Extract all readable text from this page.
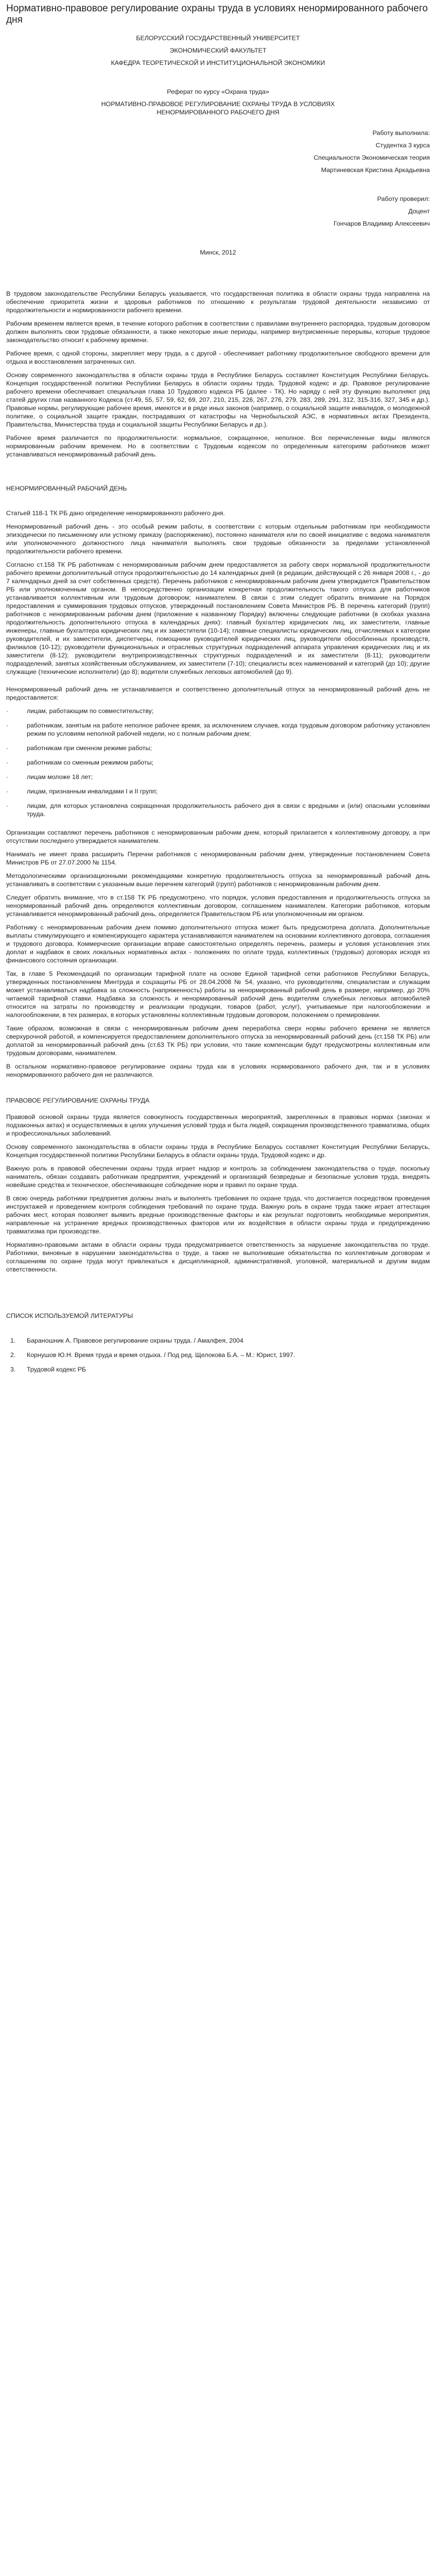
Нормативно-правовое регулирование охраны труда в условиях ненормированного рабочего дня

БЕЛОРУССКИЙ ГОСУДАРСТВЕННЫЙ УНИВЕРСИТЕТ

ЭКОНОМИЧЕСКИЙ ФАКУЛЬТЕТ

КАФЕДРА ТЕОРЕТИЧЕСКОЙ И ИНСТИТУЦИОНАЛЬНОЙ ЭКОНОМИКИ

Реферат по курсу «Охрана труда»

НОРМАТИВНО-ПРАВОВОЕ РЕГУЛИРОВАНИЕ ОХРАНЫ ТРУДА В УСЛОВИЯХ

НЕНОРМИРОВАННОГО РАБОЧЕГО ДНЯ

Работу выполнила:

Студентка 3 курса

Специальности Экономическая теория

Мартиневская Кристина Аркадьевна

Работу проверил:

Доцент

Гончаров Владимир Алексеевич

Минск, 2012

В трудовом законодательстве Республики Беларусь указывается, что государственная политика в области охраны труда направлена на обеспечение приоритета жизни и здоровья работников по отношению к результатам трудовой деятельности независимо от продолжительности и нормированности рабочего времени.

Рабочим временем является время, в течение которого работник в соответствии с правилами внутреннего распорядка, трудовым договором должен выполнять свои трудовые обязанности, а также некоторые иные периоды, например внутрисменные перерывы, которые трудовое законодательство относит к рабочему времени.

Рабочее время, с одной стороны, закрепляет меру труда, а с другой - обеспечивает работнику продолжительное свободного времени для отдыха и восстановления затраченных сил.

Основу современного законодательства в области охраны труда в Республике Беларусь составляет Конституция Республики Беларусь. Концепция государственной политики Республики Беларусь в области охраны труда, Трудовой кодекс и др. Правовое регулирование рабочего времени обеспечивает специальная глава 10 Трудового кодекса РБ (далее - ТК). Но наряду с ней эту функцию выполняют ряд статей других глав названного Кодекса (ст.49, 55, 57, 59, 62, 69, 207, 210, 215, 226, 267, 276, 279, 283, 289, 291, 312, 315-316, 327, 345 и др.). Правовые нормы, регулирующие рабочее время, имеются и в ряде иных законов (например, о социальной защите инвалидов, о молодежной политике, о социальной защите граждан, пострадавших от катастрофы на Чернобыльской АЭС, в нормативных актах Президента, Правительства, Министерства труда и социальной защиты Республики Беларусь и др.).

Рабочее время различается по продолжительности: нормальное, сокращенное, неполное. Все перечисленные виды являются нормированным рабочим временем. Но в соответствии с Трудовым кодексом по определенным категориям работников может устанавливаться ненормированный рабочий день.

НЕНОРМИРОВАННЫЙ РАБОЧИЙ ДЕНЬ

Статьей 118-1 ТК РБ дано определение ненормированного рабочего дня.

Ненормированный рабочий день - это особый режим работы, в соответствии с которым отдельным работникам при необходимости эпизодически по письменному или устному приказу (распоряжению), постоянно нанимателя или по своей инициативе с ведома нанимателя или уполномоченного должностного лица нанимателя выполнять свои трудовые обязанности за пределами установленной продолжительности рабочего времени.

Согласно ст.158 ТК РБ работникам с ненормированным рабочим днем предоставляется за работу сверх нормальной продолжительности рабочего времени дополнительный отпуск продолжительностью до 14 календарных дней (в редакции, действующей с 26 января 2008 г., - до 7 календарных дней за счет собственных средств). Перечень работников с ненормированным рабочим днем утверждается Правительством РБ или уполномоченным органом. В непосредственно организации конкретная продолжительность такого отпуска для работников устанавливается коллективным или трудовым договором; нанимателем. В связи с этим следует обратить внимание на Порядок предоставления и суммирования трудовых отпусков, утвержденный постановлением Совета Министров РБ. В перечень категорий (групп) работников с ненормированным рабочим днем (приложение к названному Порядку) включены следующие работники (в скобках указана продолжительность дополнительного отпуска в календарных днях): главный бухгалтер юридических лиц, их заместители, главные инженеры, главные бухгалтера юридических лиц и их заместители (10-14); главные специалисты юридических лиц, отчисляемых к категории руководителей, и их заместители, диспетчеры, помощники руководителей юридических лиц, руководители обособленных производств, филиалов (10-12); руководители функциональных и отраслевых структурных подразделений аппарата управления юридических лиц и их заместители (8-12); руководители внутрипроизводственных структурных подразделений и их заместители (8-11); руководители подразделений, занятых хозяйственным обслуживанием, их заместители (7-10); специалисты всех наименований и категорий (до 10); другие служащие (технические исполнители) (до 8); водители служебных легковых автомобилей (до 9).

Ненормированный рабочий день не устанавливается и соответственно дополнительный отпуск за ненормированный рабочий день не предоставляется:

·	лицам, работающим по совместительству;
·	работникам, занятым на работе неполное рабочее время, за исключением случаев, когда трудовым договором работнику установлен режим по условиям неполной рабочей недели, но с полным рабочим днем;
·	работникам при сменном режиме работы;
·	работникам со сменным режимом работы;
·	лицам моложе 18 лет;
·	лицам, признанным инвалидами I и II групп;
·	лицам, для которых установлена сокращенная продолжительность рабочего дня в связи с вредными и (или) опасными условиями труда.

Организации составляют перечень работников с ненормированным рабочим днем, который прилагается к коллективному договору, а при отсутствии последнего утверждается нанимателем.

Нанимать не имеет права расширить Перечни работников с ненормированным рабочим днем, утвержденные постановлением Совета Министров РБ от 27.07.2000 № 1154.

Методологическими организационными рекомендациями конкретную продолжительность отпуска за ненормированный рабочий день устанавливать в соответствии с указанным выше перечнем категорий (групп) работников с ненормированным рабочим днем.

Следует обратить внимание, что в ст.158 ТК РБ предусмотрено, что порядок, условия предоставления и продолжительность отпуска за ненормированный рабочий день определяются коллективным договором, соглашением нанимателем. Категории работников, которым устанавливается ненормированный рабочий день, определяется Правительством РБ или уполномоченным им органом.

Работнику с ненормированным рабочим днем помимо дополнительного отпуска может быть предусмотрена доплата. Дополнительные выплаты стимулирующего и компенсирующего характера устанавливаются нанимателем на основании коллективного договора, соглашения и трудового договора. Коммерческие организации вправе самостоятельно определять перечень, размеры и условия установления этих доплат и надбавок в своих локальных нормативных актах - положениях по оплате труда, коллективных (трудовых) договорах исходя из финансового состояния организации.

Так, в главе 5 Рекомендаций по организации тарифной плате на основе Единой тарифной сетки работников Республики Беларусь, утвержденных постановлением Минтруда и соцзащиты РБ от 28.04.2008 № 54, указано, что руководителям, специалистам и служащим может устанавливаться надбавка за сложность (напряженность) работы за ненормированный рабочий день в размере, например, до 20% читаемой тарифной ставки. Надбавка за сложность и ненормированный рабочий день водителям служебных легковых автомобилей относится на затраты по производству и реализации продукции, товаров (работ, услуг), учитываемые при налогообложении и налогообложении, в тех размерах, в которых установлены коллективным трудовым договором, положением о премировании.

Такие образом, возможная в связи с ненормированным рабочим днем переработка сверх нормы рабочего времени не является сверхурочной работой, и компенсируется предоставлением дополнительного отпуска за ненормированный рабочий день (ст.158 ТК РБ) или доплатой за ненормированный рабочий день (ст.63 ТК РБ) при условии, что такие компенсации будут предусмотрены коллективным или трудовым договорами, нанимателем.

В остальном нормативно-правовое регулирование охраны труда как в условиях нормированного рабочего дня, так и в условиях ненормированного рабочего дня не различаются.

ПРАВОВОЕ РЕГУЛИРОВАНИЕ ОХРАНЫ ТРУДА

Правовой основой охраны труда является совокупность государственных мероприятий, закрепленных в правовых нормах (законах и подзаконных актах) и осуществляемых в целях улучшения условий труда и быта людей, сокращения производственного травматизма, общих и профессиональных заболеваний.

Основу современного законодательства в области охраны труда в Республике Беларусь составляет Конституция Республики Беларусь, Концепция государственной политики Республики Беларусь в области охраны труда, Трудовой кодекс и др.

Важную роль в правовой обеспечении охраны труда играет надзор и контроль за соблюдением законодательства о труде, поскольку наниматель, обязан создавать работникам предприятия, учреждений и организаций безвредные и безопасные условия труда, внедрять новейшие средства и техническое, обеспечивающее соблюдение норм и правил по охране труда.

В свою очередь работники предприятия должны знать и выполнять требования по охране труда, что достигается посредством проведения инструктажей и проведением контроля соблюдения требований по охране труда. Важную роль в охране труда также играет аттестация рабочих мест, которая позволяет выявить вредные производственные факторы и как результат подготовить необходимые мероприятия, направленные на устранение вредных производственных факторов или их воздействия в области охраны труда и предупреждению травматизма при производстве.

Нормативно-правовыми актами в области охраны труда предусматривается ответственность за нарушение законодательства по труде. Работники, виновные в нарушении законодательства о труде, а также не выполнившие обязательства по коллективным договорам и соглашениям по охране труда могут привлекаться к дисциплинарной, административной, уголовной, материальной и другим видам ответственности.

СПИСОК ИСПОЛЬЗУЕМОЙ ЛИТЕРАТУРЫ

1.	Бараношник А. Правовое регулирование охраны труда. / Амалфея, 2004
2.	Корнушов Ю.Н. Время труда и время отдыха. / Под ред. Щелокова Б.А. – М.: Юрист, 1997.
3.	Трудовой кодекс РБ
